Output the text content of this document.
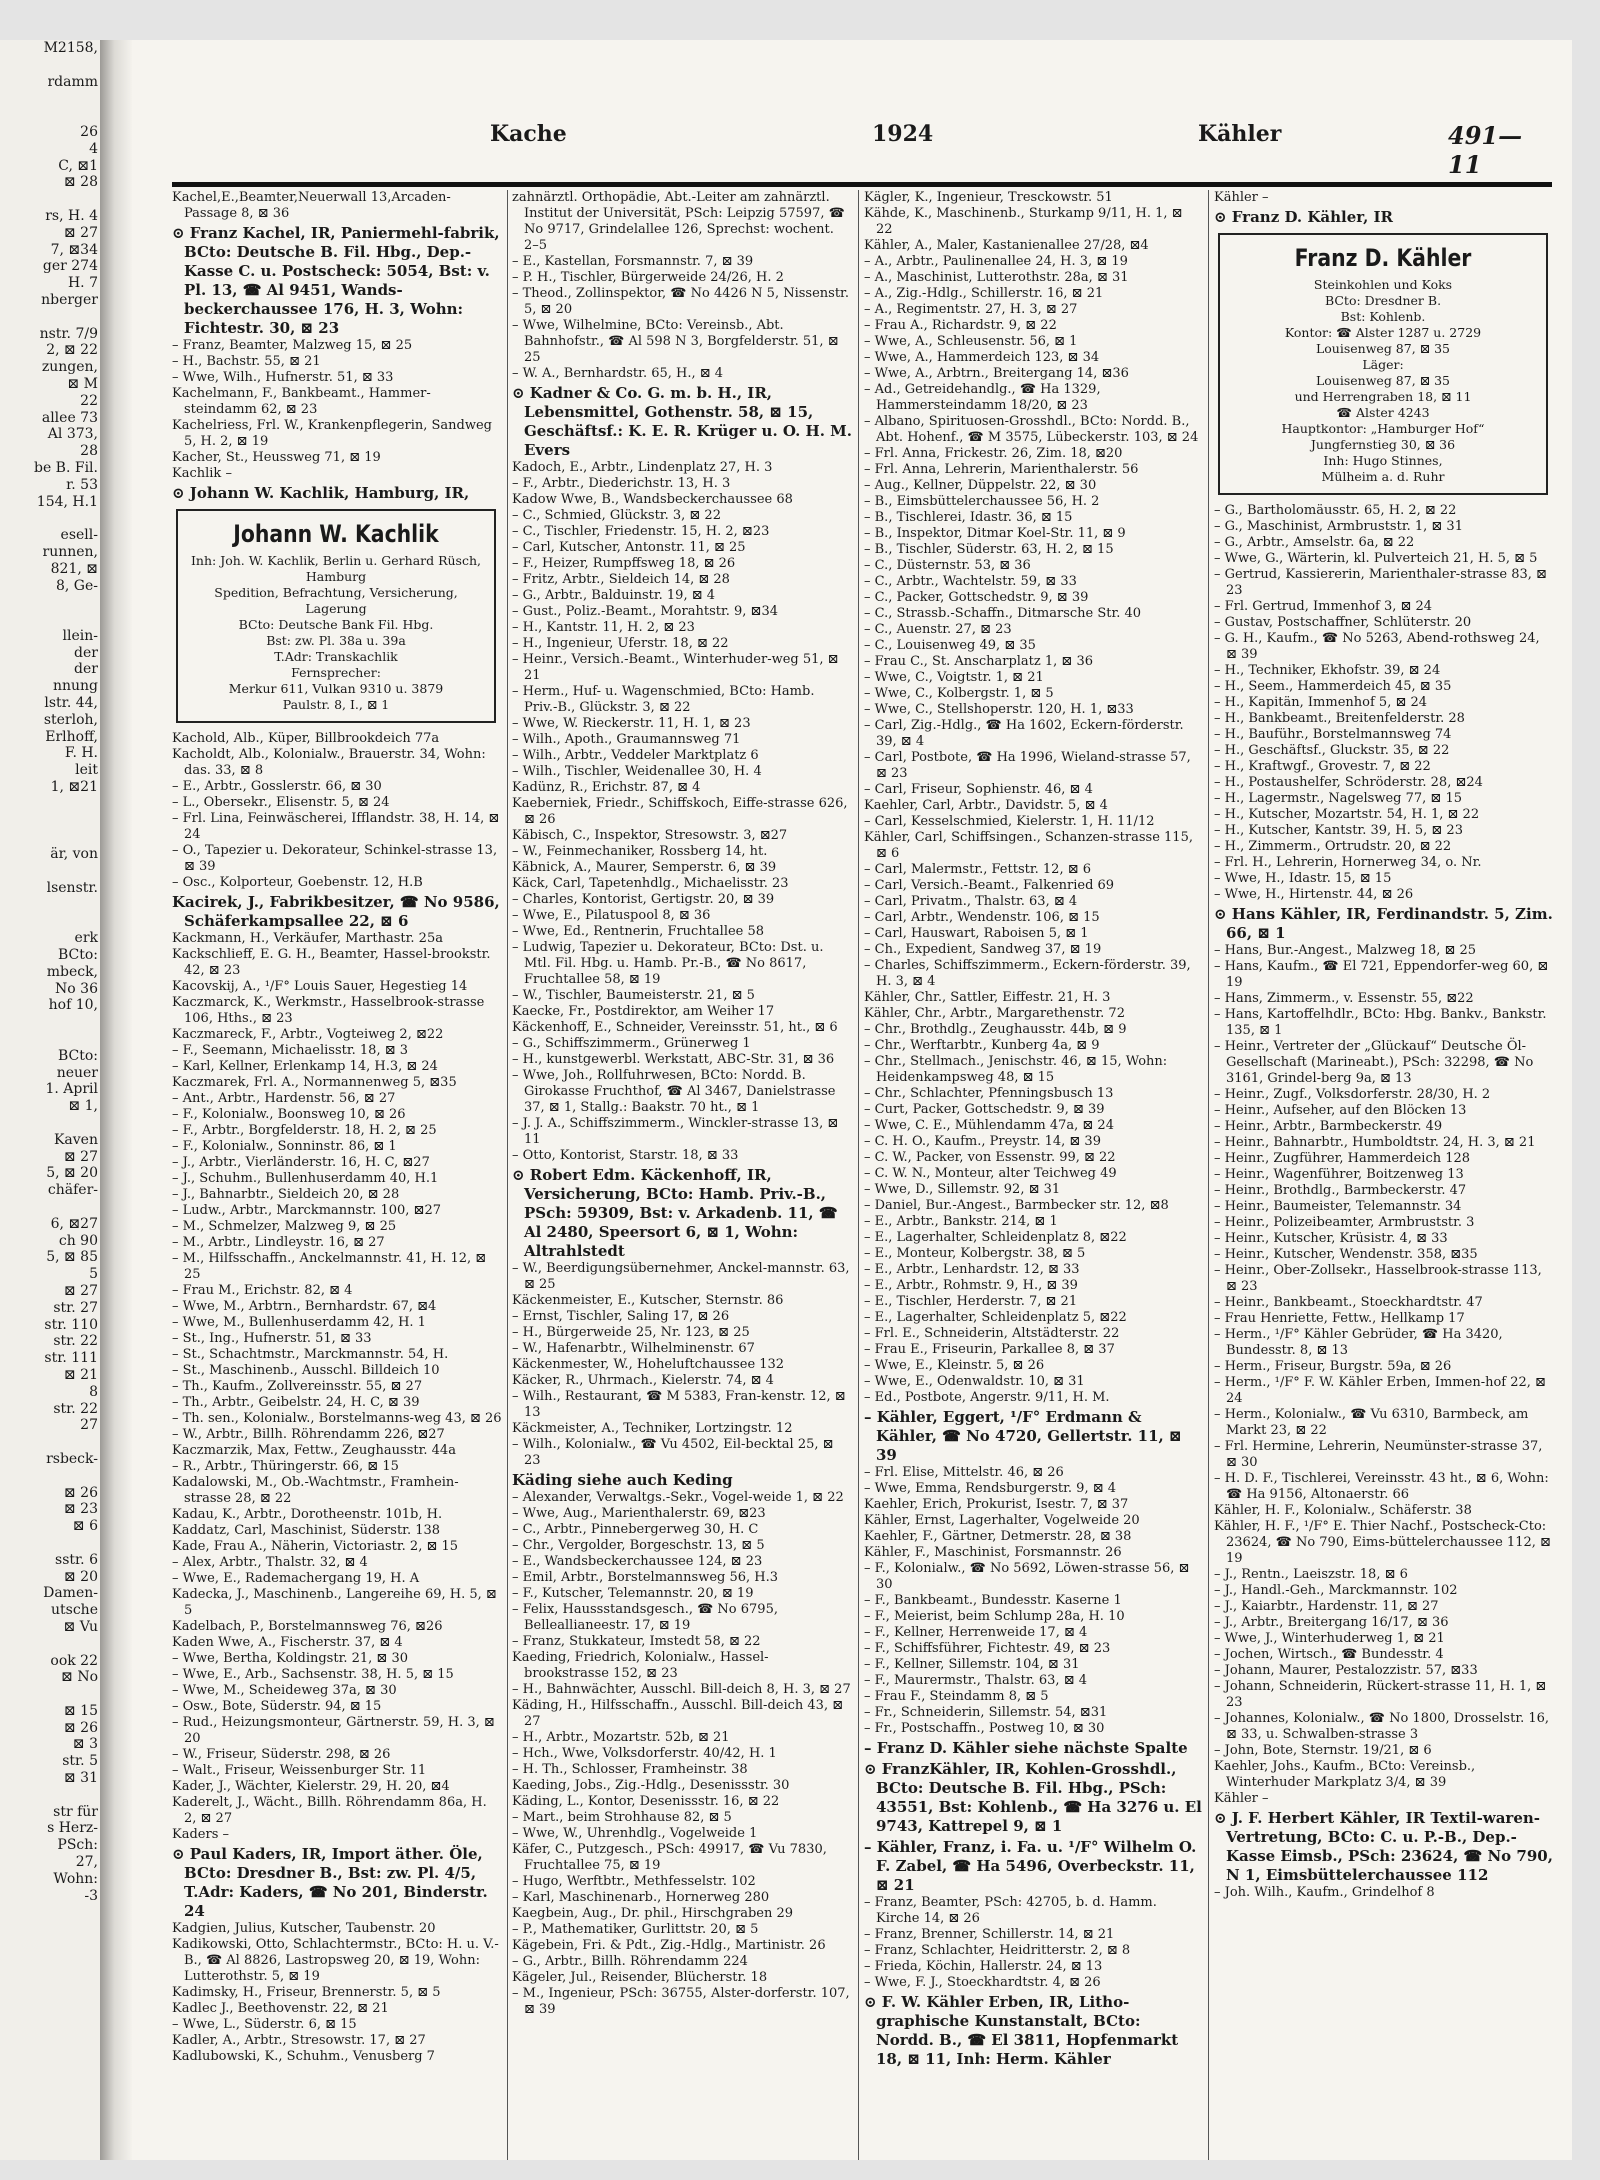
M2158,

rdamm

26
4
C, ⊠1
⊠ 28

rs, H. 4
⊠ 27
7, ⊠34
ger 274
H. 7
nberger

nstr. 7/9
2, ⊠ 22
zungen,
⊠ M
22
allee 73
Al 373,
28
be B. Fil.
r. 53
154, H.1

esell-
runnen,
821, ⊠
8, Ge-

llein-
der
der
nnung
lstr. 44,
sterloh,
Erlhoff,
F. H.
leit
1, ⊠21

är, von

lsenstr.

erk
BCto:
mbeck,
No 36
hof 10,

BCto:
neuer
1. April
⊠ 1,

Kaven
⊠ 27
5, ⊠ 20
chäfer-

6, ⊠27
ch 90
5, ⊠ 85
5
⊠ 27
str. 27
str. 110
str. 22
str. 111
⊠ 21
8
str. 22
27

rsbeck-

⊠ 26
⊠ 23
⊠ 6

sstr. 6
⊠ 20
Damen-
utsche
⊠ Vu

ook 22
⊠ No

⊠ 15
⊠ 26
⊠ 3
str. 5
⊠ 31

str für
s Herz-
PSch:
27,
Wohn:
-3
Kache	1924	Kähler	491—11

Kachel,E.,Beamter,Neuerwall 13,Arcaden-Passage 8, ⊠ 36

⊙ Franz Kachel, IR, Paniermehl-fabrik, BCto: Deutsche B. Fil. Hbg., Dep.-Kasse C. u. Postscheck: 5054, Bst: v. Pl. 13, ☎ Al 9451, Wands-beckerchaussee 176, H. 3, Wohn: Fichtestr. 30, ⊠ 23

– Franz, Beamter, Malzweg 15, ⊠ 25

– H., Bachstr. 55, ⊠ 21

– Wwe, Wilh., Hufnerstr. 51, ⊠ 33

Kachelmann, F., Bankbeamt., Hammer-steindamm 62, ⊠ 23

Kachelriess, Frl. W., Krankenpflegerin, Sandweg 5, H. 2, ⊠ 19

Kacher, St., Heussweg 71, ⊠ 19

Kachlik –

⊙ Johann W. Kachlik, Hamburg, IR,

Johann W. Kachlik
Inh: Joh. W. Kachlik, Berlin u. Gerhard Rüsch, Hamburg
Spedition, Befrachtung, Versicherung, Lagerung
BCto: Deutsche Bank Fil. Hbg.
Bst: zw. Pl. 38a u. 39a
T.Adr: Transkachlik
Fernsprecher:
Merkur 611, Vulkan 9310 u. 3879
Paulstr. 8, I., ⊠ 1

Kachold, Alb., Küper, Billbrookdeich 77a

Kacholdt, Alb., Kolonialw., Brauerstr. 34, Wohn: das. 33, ⊠ 8

– E., Arbtr., Gosslerstr. 66, ⊠ 30

– L., Obersekr., Elisenstr. 5, ⊠ 24

– Frl. Lina, Feinwäscherei, Ifflandstr. 38, H. 14, ⊠ 24

– O., Tapezier u. Dekorateur, Schinkel-strasse 13, ⊠ 39

– Osc., Kolporteur, Goebenstr. 12, H.B

Kacirek, J., Fabrikbesitzer, ☎ No 9586, Schäferkampsallee 22, ⊠ 6

Kackmann, H., Verkäufer, Marthastr. 25a

Kackschlieff, E. G. H., Beamter, Hassel-brookstr. 42, ⊠ 23

Kacovskij, A., ¹/F° Louis Sauer, Hegestieg 14

Kaczmarck, K., Werkmstr., Hasselbrook-strasse 106, Hths., ⊠ 23

Kaczmareck, F., Arbtr., Vogteiweg 2, ⊠22

– F., Seemann, Michaelisstr. 18, ⊠ 3

– Karl, Kellner, Erlenkamp 14, H.3, ⊠ 24

Kaczmarek, Frl. A., Normannenweg 5, ⊠35

– Ant., Arbtr., Hardenstr. 56, ⊠ 27

– F., Kolonialw., Boonsweg 10, ⊠ 26

– F., Arbtr., Borgfelderstr. 18, H. 2, ⊠ 25

– F., Kolonialw., Sonninstr. 86, ⊠ 1

– J., Arbtr., Vierländerstr. 16, H. C, ⊠27

– J., Schuhm., Bullenhuserdamm 40, H.1

– J., Bahnarbtr., Sieldeich 20, ⊠ 28

– Ludw., Arbtr., Marckmannstr. 100, ⊠27

– M., Schmelzer, Malzweg 9, ⊠ 25

– M., Arbtr., Lindleystr. 16, ⊠ 27

– M., Hilfsschaffn., Anckelmannstr. 41, H. 12, ⊠ 25

– Frau M., Erichstr. 82, ⊠ 4

– Wwe, M., Arbtrn., Bernhardstr. 67, ⊠4

– Wwe, M., Bullenhuserdamm 42, H. 1

– St., Ing., Hufnerstr. 51, ⊠ 33

– St., Schachtmstr., Marckmannstr. 54, H.

– St., Maschinenb., Ausschl. Billdeich 10

– Th., Kaufm., Zollvereinsstr. 55, ⊠ 27

– Th., Arbtr., Geibelstr. 24, H. C, ⊠ 39

– Th. sen., Kolonialw., Borstelmanns-weg 43, ⊠ 26

– W., Arbtr., Billh. Röhrendamm 226, ⊠27

Kaczmarzik, Max, Fettw., Zeughausstr. 44a

– R., Arbtr., Thüringerstr. 66, ⊠ 15

Kadalowski, M., Ob.-Wachtmstr., Framhein-strasse 28, ⊠ 22

Kadau, K., Arbtr., Dorotheenstr. 101b, H.

Kaddatz, Carl, Maschinist, Süderstr. 138

Kade, Frau A., Näherin, Victoriastr. 2, ⊠ 15

– Alex, Arbtr., Thalstr. 32, ⊠ 4

– Wwe, E., Rademachergang 19, H. A

Kadecka, J., Maschinenb., Langereihe 69, H. 5, ⊠ 5

Kadelbach, P., Borstelmannsweg 76, ⊠26

Kaden Wwe, A., Fischerstr. 37, ⊠ 4

– Wwe, Bertha, Koldingstr. 21, ⊠ 30

– Wwe, E., Arb., Sachsenstr. 38, H. 5, ⊠ 15

– Wwe, M., Scheideweg 37a, ⊠ 30

– Osw., Bote, Süderstr. 94, ⊠ 15

– Rud., Heizungsmonteur, Gärtnerstr. 59, H. 3, ⊠ 20

– W., Friseur, Süderstr. 298, ⊠ 26

– Walt., Friseur, Weissenburger Str. 11

Kader, J., Wächter, Kielerstr. 29, H. 20, ⊠4

Kaderelt, J., Wächt., Billh. Röhrendamm 86a, H. 2, ⊠ 27

Kaders –

⊙ Paul Kaders, IR, Import äther. Öle, BCto: Dresdner B., Bst: zw. Pl. 4/5, T.Adr: Kaders, ☎ No 201, Binderstr. 24

Kadgien, Julius, Kutscher, Taubenstr. 20

Kadikowski, Otto, Schlachtermstr., BCto: H. u. V.-B., ☎ Al 8826, Lastropsweg 20, ⊠ 19, Wohn: Lutterothstr. 5, ⊠ 19

Kadimsky, H., Friseur, Brennerstr. 5, ⊠ 5

Kadlec J., Beethovenstr. 22, ⊠ 21

– Wwe, L., Süderstr. 6, ⊠ 15

Kadler, A., Arbtr., Stresowstr. 17, ⊠ 27

Kadlubowski, K., Schuhm., Venusberg 7

zahnärztl. Orthopädie, Abt.-Leiter am zahnärztl. Institut der Universität, PSch: Leipzig 57597, ☎ No 9717, Grindelallee 126, Sprechst: wochent. 2–5

– E., Kastellan, Forsmannstr. 7, ⊠ 39

– P. H., Tischler, Bürgerweide 24/26, H. 2

– Theod., Zollinspektor, ☎ No 4426 N 5, Nissenstr. 5, ⊠ 20

– Wwe, Wilhelmine, BCto: Vereinsb., Abt. Bahnhofstr., ☎ Al 598 N 3, Borgfelderstr. 51, ⊠ 25

– W. A., Bernhardstr. 65, H., ⊠ 4

⊙ Kadner & Co. G. m. b. H., IR, Lebensmittel, Gothenstr. 58, ⊠ 15, Geschäftsf.: K. E. R. Krüger u. O. H. M. Evers

Kadoch, E., Arbtr., Lindenplatz 27, H. 3

– F., Arbtr., Diederichstr. 13, H. 3

Kadow Wwe, B., Wandsbeckerchaussee 68

– C., Schmied, Glückstr. 3, ⊠ 22

– C., Tischler, Friedenstr. 15, H. 2, ⊠23

– Carl, Kutscher, Antonstr. 11, ⊠ 25

– F., Heizer, Rumpffsweg 18, ⊠ 26

– Fritz, Arbtr., Sieldeich 14, ⊠ 28

– G., Arbtr., Balduinstr. 19, ⊠ 4

– Gust., Poliz.-Beamt., Morahtstr. 9, ⊠34

– H., Kantstr. 11, H. 2, ⊠ 23

– H., Ingenieur, Uferstr. 18, ⊠ 22

– Heinr., Versich.-Beamt., Winterhuder-weg 51, ⊠ 21

– Herm., Huf- u. Wagenschmied, BCto: Hamb. Priv.-B., Glückstr. 3, ⊠ 22

– Wwe, W. Rieckerstr. 11, H. 1, ⊠ 23

– Wilh., Apoth., Graumannsweg 71

– Wilh., Arbtr., Veddeler Marktplatz 6

– Wilh., Tischler, Weidenallee 30, H. 4

Kadünz, R., Erichstr. 87, ⊠ 4

Kaeberniek, Friedr., Schiffskoch, Eiffe-strasse 626, ⊠ 26

Käbisch, C., Inspektor, Stresowstr. 3, ⊠27

– W., Feinmechaniker, Rossberg 14, ht.

Käbnick, A., Maurer, Semperstr. 6, ⊠ 39

Käck, Carl, Tapetenhdlg., Michaelisstr. 23

– Charles, Kontorist, Gertigstr. 20, ⊠ 39

– Wwe, E., Pilatuspool 8, ⊠ 36

– Wwe, Ed., Rentnerin, Fruchtallee 58

– Ludwig, Tapezier u. Dekorateur, BCto: Dst. u. Mtl. Fil. Hbg. u. Hamb. Pr.-B., ☎ No 8617, Fruchtallee 58, ⊠ 19

– W., Tischler, Baumeisterstr. 21, ⊠ 5

Kaecke, Fr., Postdirektor, am Weiher 17

Käckenhoff, E., Schneider, Vereinsstr. 51, ht., ⊠ 6

– G., Schiffszimmerm., Grünerweg 1

– H., kunstgewerbl. Werkstatt, ABC-Str. 31, ⊠ 36

– Wwe, Joh., Rollfuhrwesen, BCto: Nordd. B. Girokasse Fruchthof, ☎ Al 3467, Danielstrasse 37, ⊠ 1, Stallg.: Baakstr. 70 ht., ⊠ 1

– J. J. A., Schiffszimmerm., Winckler-strasse 13, ⊠ 11

– Otto, Kontorist, Starstr. 18, ⊠ 33

⊙ Robert Edm. Käckenhoff, IR, Versicherung, BCto: Hamb. Priv.-B., PSch: 59309, Bst: v. Arkadenb. 11, ☎ Al 2480, Speersort 6, ⊠ 1, Wohn: Altrahlstedt

– W., Beerdigungsübernehmer, Anckel-mannstr. 63, ⊠ 25

Käckenmeister, E., Kutscher, Sternstr. 86

– Ernst, Tischler, Saling 17, ⊠ 26

– H., Bürgerweide 25, Nr. 123, ⊠ 25

– W., Hafenarbtr., Wilhelminenstr. 67

Käckenmester, W., Hoheluftchaussee 132

Käcker, R., Uhrmach., Kielerstr. 74, ⊠ 4

– Wilh., Restaurant, ☎ M 5383, Fran-kenstr. 12, ⊠ 13

Käckmeister, A., Techniker, Lortzingstr. 12

– Wilh., Kolonialw., ☎ Vu 4502, Eil-becktal 25, ⊠ 23

Käding siehe auch Keding

– Alexander, Verwaltgs.-Sekr., Vogel-weide 1, ⊠ 22

– Wwe, Aug., Marienthalerstr. 69, ⊠23

– C., Arbtr., Pinnebergerweg 30, H. C

– Chr., Vergolder, Borgeschstr. 13, ⊠ 5

– E., Wandsbeckerchaussee 124, ⊠ 23

– Emil, Arbtr., Borstelmannsweg 56, H.3

– F., Kutscher, Telemannstr. 20, ⊠ 19

– Felix, Haussstandsgesch., ☎ No 6795, Belleallianeestr. 17, ⊠ 19

– Franz, Stukkateur, Imstedt 58, ⊠ 22

Kaeding, Friedrich, Kolonialw., Hassel-brookstrasse 152, ⊠ 23

– H., Bahnwächter, Ausschl. Bill-deich 8, H. 3, ⊠ 27

Käding, H., Hilfsschaffn., Ausschl. Bill-deich 43, ⊠ 27

– H., Arbtr., Mozartstr. 52b, ⊠ 21

– Hch., Wwe, Volksdorferstr. 40/42, H. 1

– H. Th., Schlosser, Framheinstr. 38

Kaeding, Jobs., Zig.-Hdlg., Desenissstr. 30

Käding, L., Kontor, Desenissstr. 16, ⊠ 22

– Mart., beim Strohhause 82, ⊠ 5

– Wwe, W., Uhrenhdlg., Vogelweide 1

Käfer, C., Putzgesch., PSch: 49917, ☎ Vu 7830, Fruchtallee 75, ⊠ 19

– Hugo, Werftbtr., Methfesselstr. 102

– Karl, Maschinenarb., Hornerweg 280

Kaegbein, Aug., Dr. phil., Hirschgraben 29

– P., Mathematiker, Gurlittstr. 20, ⊠ 5

Kägebein, Fri. & Pdt., Zig.-Hdlg., Martinistr. 26

– G., Arbtr., Billh. Röhrendamm 224

Kägeler, Jul., Reisender, Blücherstr. 18

– M., Ingenieur, PSch: 36755, Alster-dorferstr. 107, ⊠ 39

Kägler, K., Ingenieur, Tresckowstr. 51

Kähde, K., Maschinenb., Sturkamp 9/11, H. 1, ⊠ 22

Kähler, A., Maler, Kastanienallee 27/28, ⊠4

– A., Arbtr., Paulinenallee 24, H. 3, ⊠ 19

– A., Maschinist, Lutterothstr. 28a, ⊠ 31

– A., Zig.-Hdlg., Schillerstr. 16, ⊠ 21

– A., Regimentstr. 27, H. 3, ⊠ 27

– Frau A., Richardstr. 9, ⊠ 22

– Wwe, A., Schleusenstr. 56, ⊠ 1

– Wwe, A., Hammerdeich 123, ⊠ 34

– Wwe, A., Arbtrn., Breitergang 14, ⊠36

– Ad., Getreidehandlg., ☎ Ha 1329, Hammersteindamm 18/20, ⊠ 23

– Albano, Spirituosen-Grosshdl., BCto: Nordd. B., Abt. Hohenf., ☎ M 3575, Lübeckerstr. 103, ⊠ 24

– Frl. Anna, Frickestr. 26, Zim. 18, ⊠20

– Frl. Anna, Lehrerin, Marienthalerstr. 56

– Aug., Kellner, Düppelstr. 22, ⊠ 30

– B., Eimsbüttelerchaussee 56, H. 2

– B., Tischlerei, Idastr. 36, ⊠ 15

– B., Inspektor, Ditmar Koel-Str. 11, ⊠ 9

– B., Tischler, Süderstr. 63, H. 2, ⊠ 15

– C., Düsternstr. 53, ⊠ 36

– C., Arbtr., Wachtelstr. 59, ⊠ 33

– C., Packer, Gottschedstr. 9, ⊠ 39

– C., Strassb.-Schaffn., Ditmarsche Str. 40

– C., Auenstr. 27, ⊠ 23

– C., Louisenweg 49, ⊠ 35

– Frau C., St. Anscharplatz 1, ⊠ 36

– Wwe, C., Voigtstr. 1, ⊠ 21

– Wwe, C., Kolbergstr. 1, ⊠ 5

– Wwe, C., Stellshoperstr. 120, H. 1, ⊠33

– Carl, Zig.-Hdlg., ☎ Ha 1602, Eckern-förderstr. 39, ⊠ 4

– Carl, Postbote, ☎ Ha 1996, Wieland-strasse 57, ⊠ 23

– Carl, Friseur, Sophienstr. 46, ⊠ 4

Kaehler, Carl, Arbtr., Davidstr. 5, ⊠ 4

– Carl, Kesselschmied, Kielerstr. 1, H. 11/12

Kähler, Carl, Schiffsingen., Schanzen-strasse 115, ⊠ 6

– Carl, Malermstr., Fettstr. 12, ⊠ 6

– Carl, Versich.-Beamt., Falkenried 69

– Carl, Privatm., Thalstr. 63, ⊠ 4

– Carl, Arbtr., Wendenstr. 106, ⊠ 15

– Carl, Hauswart, Raboisen 5, ⊠ 1

– Ch., Expedient, Sandweg 37, ⊠ 19

– Charles, Schiffszimmerm., Eckern-förderstr. 39, H. 3, ⊠ 4

Kähler, Chr., Sattler, Eiffestr. 21, H. 3

Kähler, Chr., Arbtr., Margarethenstr. 72

– Chr., Brothdlg., Zeughausstr. 44b, ⊠ 9

– Chr., Werftarbtr., Kunberg 4a, ⊠ 9

– Chr., Stellmach., Jenischstr. 46, ⊠ 15, Wohn: Heidenkampsweg 48, ⊠ 15

– Chr., Schlachter, Pfenningsbusch 13

– Curt, Packer, Gottschedstr. 9, ⊠ 39

– Wwe, C. E., Mühlendamm 47a, ⊠ 24

– C. H. O., Kaufm., Preystr. 14, ⊠ 39

– C. W., Packer, von Essenstr. 99, ⊠ 22

– C. W. N., Monteur, alter Teichweg 49

– Wwe, D., Sillemstr. 92, ⊠ 31

– Daniel, Bur.-Angest., Barmbecker str. 12, ⊠8

– E., Arbtr., Bankstr. 214, ⊠ 1

– E., Lagerhalter, Schleidenplatz 8, ⊠22

– E., Monteur, Kolbergstr. 38, ⊠ 5

– E., Arbtr., Lenhardstr. 12, ⊠ 33

– E., Arbtr., Rohmstr. 9, H., ⊠ 39

– E., Tischler, Herderstr. 7, ⊠ 21

– E., Lagerhalter, Schleidenplatz 5, ⊠22

– Frl. E., Schneiderin, Altstädterstr. 22

– Frau E., Friseurin, Parkallee 8, ⊠ 37

– Wwe, E., Kleinstr. 5, ⊠ 26

– Wwe, E., Odenwaldstr. 10, ⊠ 31

– Ed., Postbote, Angerstr. 9/11, H. M.

– Kähler, Eggert, ¹/F° Erdmann & Kähler, ☎ No 4720, Gellertstr. 11, ⊠ 39

– Frl. Elise, Mittelstr. 46, ⊠ 26

– Wwe, Emma, Rendsburgerstr. 9, ⊠ 4

Kaehler, Erich, Prokurist, Isestr. 7, ⊠ 37

Kähler, Ernst, Lagerhalter, Vogelweide 20

Kaehler, F., Gärtner, Detmerstr. 28, ⊠ 38

Kähler, F., Maschinist, Forsmannstr. 26

– F., Kolonialw., ☎ No 5692, Löwen-strasse 56, ⊠ 30

– F., Bankbeamt., Bundesstr. Kaserne 1

– F., Meierist, beim Schlump 28a, H. 10

– F., Kellner, Herrenweide 17, ⊠ 4

– F., Schiffsführer, Fichtestr. 49, ⊠ 23

– F., Kellner, Sillemstr. 104, ⊠ 31

– F., Maurermstr., Thalstr. 63, ⊠ 4

– Frau F., Steindamm 8, ⊠ 5

– Fr., Schneiderin, Sillemstr. 54, ⊠31

– Fr., Postschaffn., Postweg 10, ⊠ 30

– Franz D. Kähler siehe nächste Spalte

⊙ FranzKähler, IR, Kohlen-Grosshdl., BCto: Deutsche B. Fil. Hbg., PSch: 43551, Bst: Kohlenb., ☎ Ha 3276 u. El 9743, Kattrepel 9, ⊠ 1

– Kähler, Franz, i. Fa. u. ¹/F° Wilhelm O. F. Zabel, ☎ Ha 5496, Overbeckstr. 11, ⊠ 21

– Franz, Beamter, PSch: 42705, b. d. Hamm. Kirche 14, ⊠ 26

– Franz, Brenner, Schillerstr. 14, ⊠ 21

– Franz, Schlachter, Heidritterstr. 2, ⊠ 8

– Frieda, Köchin, Hallerstr. 24, ⊠ 13

– Wwe, F. J., Stoeckhardtstr. 4, ⊠ 26

⊙ F. W. Kähler Erben, IR, Litho-graphische Kunstanstalt, BCto: Nordd. B., ☎ El 3811, Hopfenmarkt 18, ⊠ 11, Inh: Herm. Kähler

Kähler –

⊙ Franz D. Kähler, IR

Franz D. Kähler
Steinkohlen und Koks
BCto: Dresdner B.
Bst: Kohlenb.
Kontor: ☎ Alster 1287 u. 2729
Louisenweg 87, ⊠ 35
Läger:
Louisenweg 87, ⊠ 35
und Herrengraben 18, ⊠ 11
☎ Alster 4243
Hauptkontor: „Hamburger Hof“
Jungfernstieg 30, ⊠ 36
Inh: Hugo Stinnes,
Mülheim a. d. Ruhr

– G., Bartholomäusstr. 65, H. 2, ⊠ 22

– G., Maschinist, Armbruststr. 1, ⊠ 31

– G., Arbtr., Amselstr. 6a, ⊠ 22

– Wwe, G., Wärterin, kl. Pulverteich 21, H. 5, ⊠ 5

– Gertrud, Kassiererin, Marienthaler-strasse 83, ⊠ 23

– Frl. Gertrud, Immenhof 3, ⊠ 24

– Gustav, Postschaffner, Schlüterstr. 20

– G. H., Kaufm., ☎ No 5263, Abend-rothsweg 24, ⊠ 39

– H., Techniker, Ekhofstr. 39, ⊠ 24

– H., Seem., Hammerdeich 45, ⊠ 35

– H., Kapitän, Immenhof 5, ⊠ 24

– H., Bankbeamt., Breitenfelderstr. 28

– H., Bauführ., Borstelmannsweg 74

– H., Geschäftsf., Gluckstr. 35, ⊠ 22

– H., Kraftwgf., Grovestr. 7, ⊠ 22

– H., Postaushelfer, Schröderstr. 28, ⊠24

– H., Lagermstr., Nagelsweg 77, ⊠ 15

– H., Kutscher, Mozartstr. 54, H. 1, ⊠ 22

– H., Kutscher, Kantstr. 39, H. 5, ⊠ 23

– H., Zimmerm., Ortrudstr. 20, ⊠ 22

– Frl. H., Lehrerin, Hornerweg 34, o. Nr.

– Wwe, H., Idastr. 15, ⊠ 15

– Wwe, H., Hirtenstr. 44, ⊠ 26

⊙ Hans Kähler, IR, Ferdinandstr. 5, Zim. 66, ⊠ 1

– Hans, Bur.-Angest., Malzweg 18, ⊠ 25

– Hans, Kaufm., ☎ El 721, Eppendorfer-weg 60, ⊠ 19

– Hans, Zimmerm., v. Essenstr. 55, ⊠22

– Hans, Kartoffelhdlr., BCto: Hbg. Bankv., Bankstr. 135, ⊠ 1

– Heinr., Vertreter der „Glückauf“ Deutsche Öl-Gesellschaft (Marineabt.), PSch: 32298, ☎ No 3161, Grindel-berg 9a, ⊠ 13

– Heinr., Zugf., Volksdorferstr. 28/30, H. 2

– Heinr., Aufseher, auf den Blöcken 13

– Heinr., Arbtr., Barmbeckerstr. 49

– Heinr., Bahnarbtr., Humboldtstr. 24, H. 3, ⊠ 21

– Heinr., Zugführer, Hammerdeich 128

– Heinr., Wagenführer, Boitzenweg 13

– Heinr., Brothdlg., Barmbeckerstr. 47

– Heinr., Baumeister, Telemannstr. 34

– Heinr., Polizeibeamter, Armbruststr. 3

– Heinr., Kutscher, Krüsistr. 4, ⊠ 33

– Heinr., Kutscher, Wendenstr. 358, ⊠35

– Heinr., Ober-Zollsekr., Hasselbrook-strasse 113, ⊠ 23

– Heinr., Bankbeamt., Stoeckhardtstr. 47

– Frau Henriette, Fettw., Hellkamp 17

– Herm., ¹/F° Kähler Gebrüder, ☎ Ha 3420, Bundesstr. 8, ⊠ 13

– Herm., Friseur, Burgstr. 59a, ⊠ 26

– Herm., ¹/F° F. W. Kähler Erben, Immen-hof 22, ⊠ 24

– Herm., Kolonialw., ☎ Vu 6310, Barmbeck, am Markt 23, ⊠ 22

– Frl. Hermine, Lehrerin, Neumünster-strasse 37, ⊠ 30

– H. D. F., Tischlerei, Vereinsstr. 43 ht., ⊠ 6, Wohn: ☎ Ha 9156, Altonaerstr. 66

Kähler, H. F., Kolonialw., Schäferstr. 38

Kähler, H. F., ¹/F° E. Thier Nachf., Postscheck-Cto: 23624, ☎ No 790, Eims-büttelerchaussee 112, ⊠ 19

– J., Rentn., Laeiszstr. 18, ⊠ 6

– J., Handl.-Geh., Marckmannstr. 102

– J., Kaiarbtr., Hardenstr. 11, ⊠ 27

– J., Arbtr., Breitergang 16/17, ⊠ 36

– Wwe, J., Winterhuderweg 1, ⊠ 21

– Jochen, Wirtsch., ☎ Bundesstr. 4

– Johann, Maurer, Pestalozzistr. 57, ⊠33

– Johann, Schneiderin, Rückert-strasse 11, H. 1, ⊠ 23

– Johannes, Kolonialw., ☎ No 1800, Drosselstr. 16, ⊠ 33, u. Schwalben-strasse 3

– John, Bote, Sternstr. 19/21, ⊠ 6

Kaehler, Johs., Kaufm., BCto: Vereinsb., Winterhuder Markplatz 3/4, ⊠ 39

Kähler –

⊙ J. F. Herbert Kähler, IR Textil-waren-Vertretung, BCto: C. u. P.-B., Dep.-Kasse Eimsb., PSch: 23624, ☎ No 790, N 1, Eimsbüttelerchaussee 112

– Joh. Wilh., Kaufm., Grindelhof 8
